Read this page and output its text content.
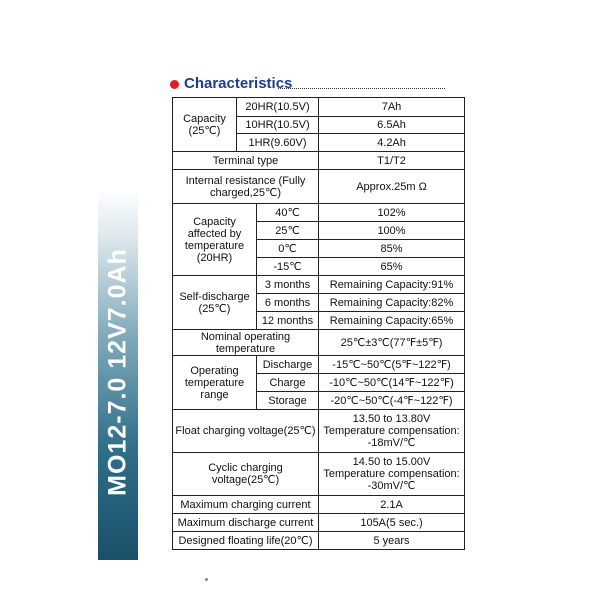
MO12-7.0 12V7.0Ah
Characteristics
Capacity (25℃)	20HR(10.5V)		7Ah
	10HR(10.5V)		6.5Ah
	1HR(9.60V)		4.2Ah
Terminal type			T1/T2
Internal resistance (Fully charged,25℃)			Approx.25m Ω
Capacity affected by temperature (20HR)		40℃	102%
		25℃	100%
		0℃	85%
		-15℃	65%
Self-discharge (25℃)		3 months	Remaining Capacity:91%
		6 months	Remaining Capacity:82%
		12 months	Remaining Capacity:65%
Nominal operating temperature			25℃±3℃(77℉±5℉)
Operating temperature range		Discharge	-15℃~50℃(5℉~122℉)
		Charge	-10℃~50℃(14℉~122℉)
		Storage	-20℃~50℃(-4℉~122℉)
Float charging voltage(25℃)			13.50 to 13.80V
Temperature compensation:
-18mV/℃

Cyclic charging voltage(25℃)			14.50 to 15.00V
Temperature compensation:
-30mV/℃

Maximum charging current			2.1A
Maximum discharge current			105A(5 sec.)
Designed floating life(20℃)			5 years
